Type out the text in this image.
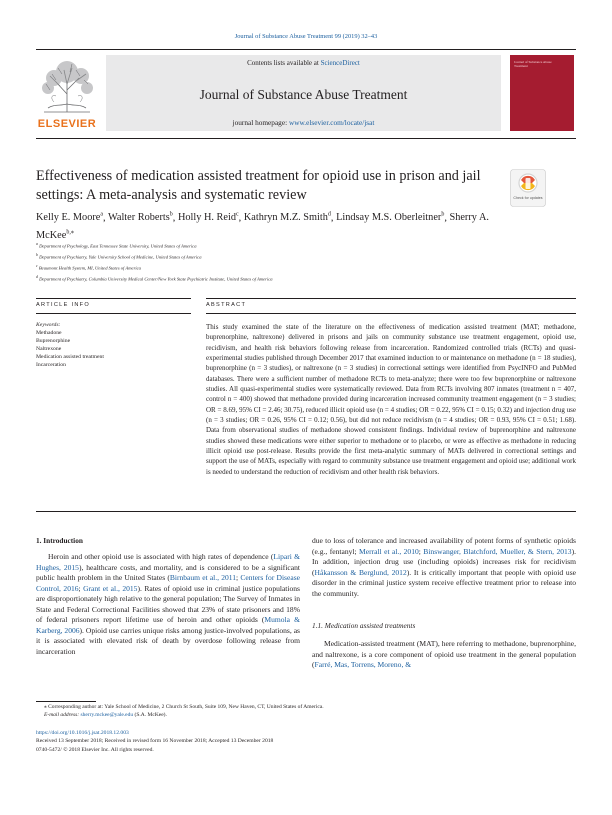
Journal of Substance Abuse Treatment 99 (2019) 32–43
ELSEVIER
Contents lists available at ScienceDirect
Journal of Substance Abuse Treatment
journal homepage: www.elsevier.com/locate/jsat
Journal of Substance Abuse Treatment
Effectiveness of medication assisted treatment for opioid use in prison and jail settings: A meta-analysis and systematic review	Check for updates
Kelly E. Moore$^a$, Walter Roberts$^b$, Holly H. Reid$^c$, Kathryn M.Z. Smith$^d$, Lindsay M.S. Oberleitner$^b$, Sherry A. McKee$^{b,⁎}$
$^a$ Department of Psychology, East Tennessee State University, United States of America
$^b$ Department of Psychiatry, Yale University School of Medicine, United States of America
$^c$ Beaumont Health System, MI, United States of America
$^d$ Department of Psychiatry, Columbia University Medical Center/New York State Psychiatric Institute, United States of America
ARTICLE INFO	ABSTRACT
Keywords:
Methadone
Buprenorphine
Naltrexone
Medication assisted treatment
Incarceration
This study examined the state of the literature on the effectiveness of medication assisted treatment (MAT; methadone, buprenorphine, naltrexone) delivered in prisons and jails on community substance use treatment engagement, opioid use, recidivism, and health risk behaviors following release from incarceration. Randomized controlled trials (RCTs) and quasi-experimental studies published through December 2017 that examined induction to or maintenance on methadone (n = 18 studies), buprenorphine (n = 3 studies), or naltrexone (n = 3 studies) in correctional settings were identified from PsycINFO and PubMed databases. There were a sufficient number of methadone RCTs to meta-analyze; there were too few buprenorphine or naltrexone studies. All quasi-experimental studies were systematically reviewed. Data from RCTs involving 807 inmates (treatment n = 407, control n = 400) showed that methadone provided during incarceration increased community treatment engagement (n = 3 studies; OR = 8.69, 95% CI = 2.46; 30.75), reduced illicit opioid use (n = 4 studies; OR = 0.22, 95% CI = 0.15; 0.32) and injection drug use (n = 3 studies; OR = 0.26, 95% CI = 0.12; 0.56), but did not reduce recidivism (n = 4 studies; OR = 0.93, 95% CI = 0.51; 1.68). Data from observational studies of methadone showed consistent findings. Individual review of buprenorphine and naltrexone studies showed these medications were either superior to methadone or to placebo, or were as effective as methadone in reducing illicit opioid use post-release. Results provide the first meta-analytic summary of MATs delivered in correctional settings and support the use of MATs, especially with regard to community substance use treatment engagement and opioid use; additional work is needed to understand the reduction of recidivism and other health risk behaviors.
1. Introduction
Heroin and other opioid use is associated with high rates of dependence (Lipari & Hughes, 2015), healthcare costs, and mortality, and is considered to be a significant public health problem in the United States (Birnbaum et al., 2011; Centers for Disease Control, 2016; Grant et al., 2015). Rates of opioid use in criminal justice populations are disproportionately high relative to the general population; The Survey of Inmates in State and Federal Correctional Facilities showed that 23% of state prisoners and 18% of federal prisoners report lifetime use of heroin and other opioids (Mumola & Karberg, 2006). Opioid use carries unique risks among justice-involved populations, as it is associated with elevated risk of death by overdose following release from incarceration
due to loss of tolerance and increased availability of potent forms of synthetic opioids (e.g., fentanyl; Merrall et al., 2010; Binswanger, Blatchford, Mueller, & Stern, 2013). In addition, injection drug use (including opioids) increases risk for recidivism (Håkansson & Berglund, 2012). It is critically important that people with opioid use disorder in the criminal justice system receive effective treatment prior to release into the community.
1.1. Medication assisted treatments
Medication-assisted treatment (MAT), here referring to methadone, buprenorphine, and naltrexone, is a core component of opioid use treatment in the general population (Farré, Mas, Torrens, Moreno, &
⁎ Corresponding author at: Yale School of Medicine, 2 Church St South, Suite 109, New Haven, CT, United States of America.
E-mail address: sherry.mckee@yale.edu (S.A. McKee).
https://doi.org/10.1016/j.jsat.2018.12.003
Received 13 September 2018; Received in revised form 16 November 2018; Accepted 13 December 2018
0740-5472/ © 2018 Elsevier Inc. All rights reserved.
